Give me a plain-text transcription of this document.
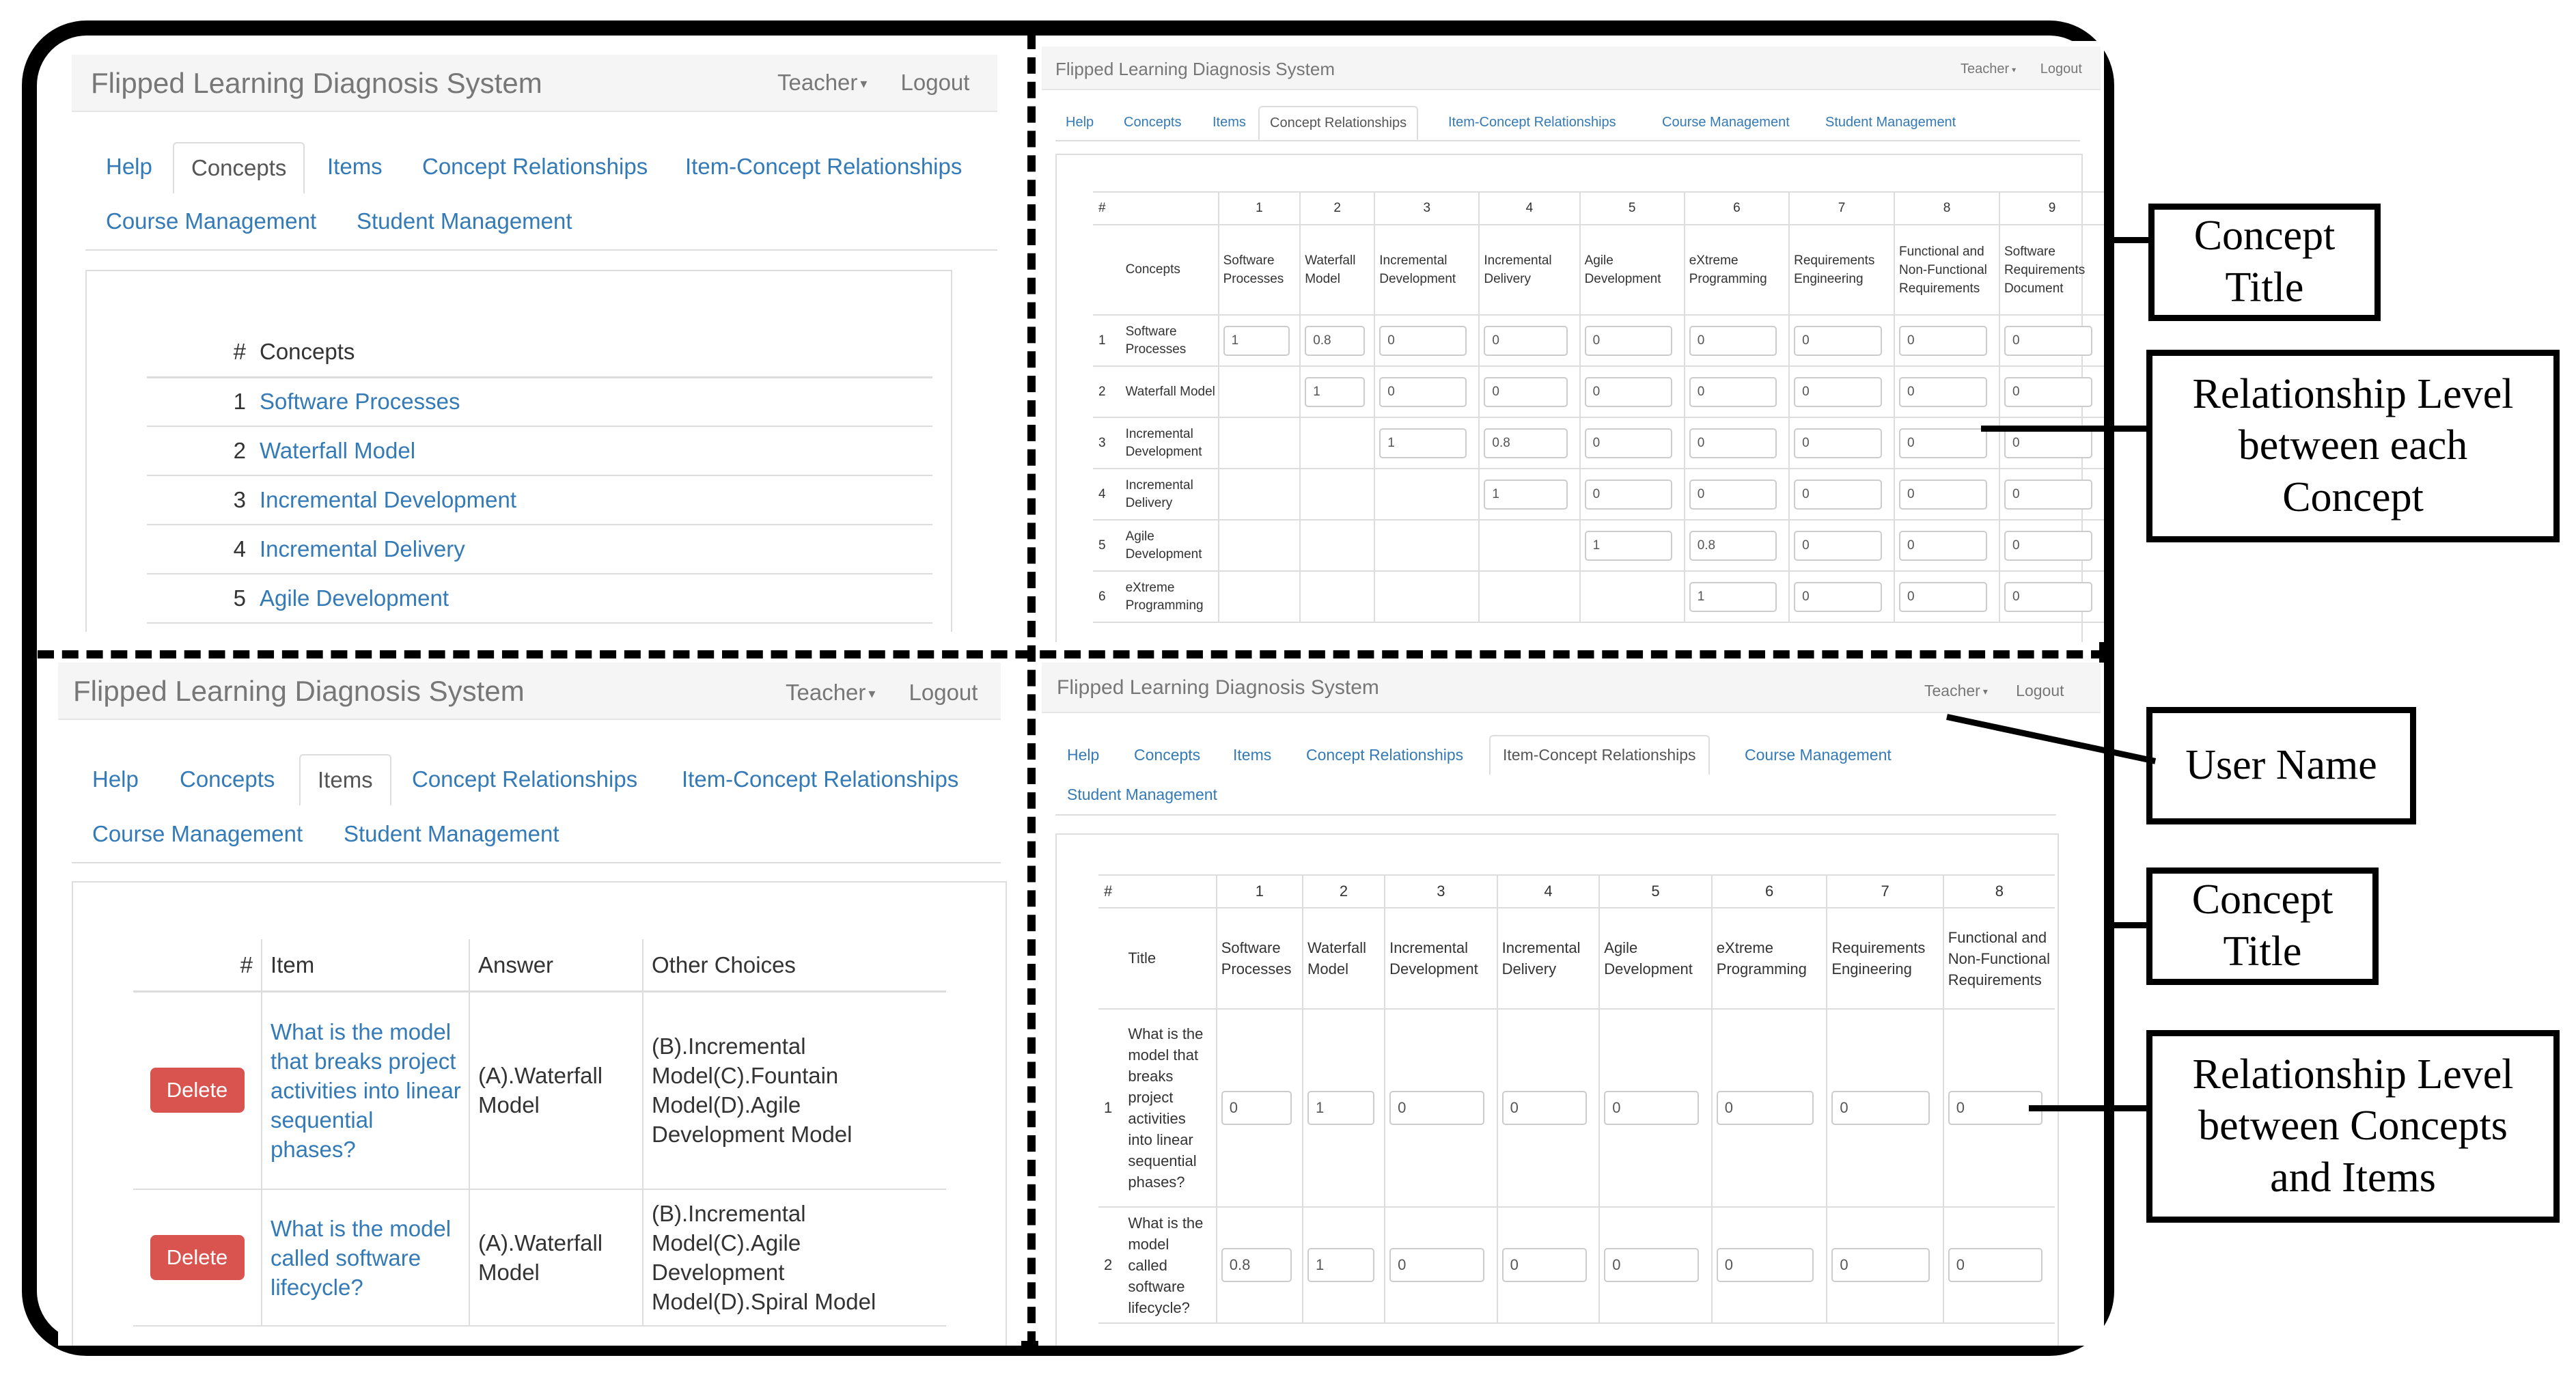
Flipped Learning Diagnosis System	Teacher ▾ Logout
Help	Concepts	Items Concept Relationships Item-Concept Relationships
Course Management Student Management
#	Concepts
1	Software Processes
2	Waterfall Model
3	Incremental Development
4	Incremental Delivery
5	Agile Development
Flipped Learning Diagnosis System	Teacher ▾ Logout
Help Concepts Items	Concept Relationships	Item-Concept Relationships	Course Management	Student Management
#		1	2	3	4	5	6	7	8	9
	Concepts	Software Processes	Waterfall Model	Incremental Development	Incremental Delivery	Agile Development	eXtreme Programming	Requirements Engineering	Functional and Non-Functional Requirements	Software Requirements Document
1	Software Processes	1	0.8	0	0	0	0	0	0	0
2	Waterfall Model		1	0	0	0	0	0	0	0
3	Incremental Development			1	0.8	0	0	0	0	0
4	Incremental Delivery				1	0	0	0	0	0
5	Agile Development					1	0.8	0	0	0
6	eXtreme Programming						1	0	0	0
Flipped Learning Diagnosis System	Teacher ▾ Logout
Help Concepts	Items	Concept Relationships Item-Concept Relationships
Course Management Student Management
#	Item	Answer	Other Choices
Delete	What is the model that breaks project activities into linear sequential phases?	(A).Waterfall Model	(B).Incremental Model(C).Fountain Model(D).Agile Development Model
Delete	What is the model called software lifecycle?	(A).Waterfall Model	(B).Incremental Model(C).Agile Development Model(D).Spiral Model
Flipped Learning Diagnosis System	Teacher ▾ Logout
Help Concepts Items Concept Relationships	Item-Concept Relationships	Course Management
Student Management
#		1	2	3	4	5	6	7	8
	Title	Software Processes	Waterfall Model	Incremental Development	Incremental Delivery	Agile Development	eXtreme Programming	Requirements Engineering	Functional and Non-Functional Requirements
1	What is the model that breaks project activities into linear sequential phases?	0	1	0	0	0	0	0	0
2	What is the model called software lifecycle?	0.8	1	0	0	0	0	0	0
Concept Title
Relationship Level between each Concept
User Name
Concept Title
Relationship Level between Concepts and Items
